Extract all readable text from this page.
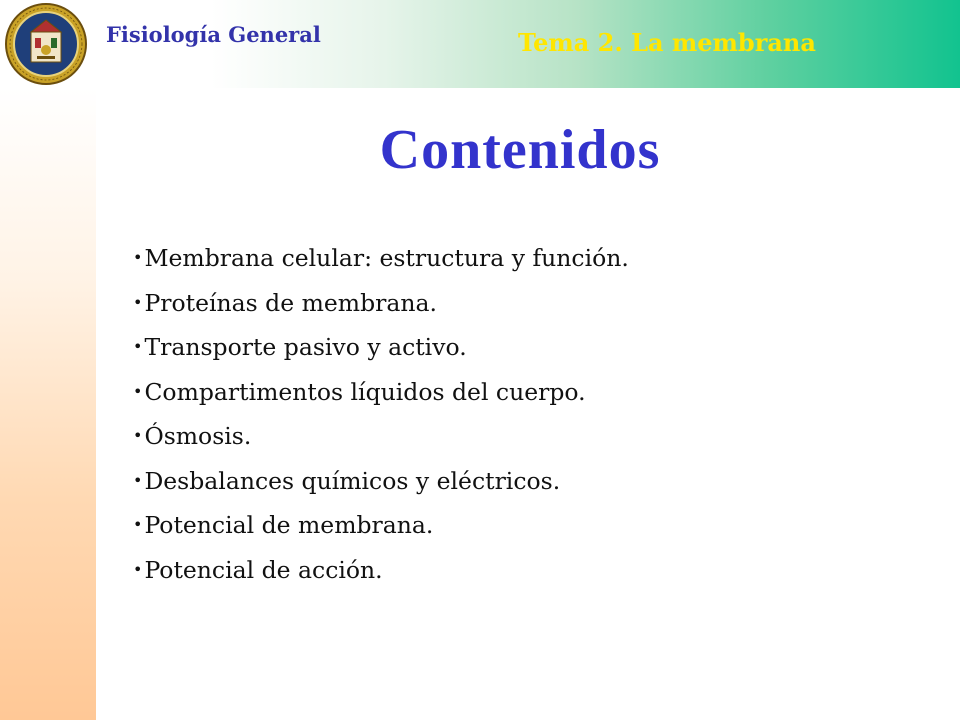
Fisiología General	Tema 2. La membrana
Contenidos
•Membrana celular: estructura y función.
•Proteínas de membrana.
•Transporte pasivo y activo.
•Compartimentos líquidos del cuerpo.
•Ósmosis.
•Desbalances químicos y eléctricos.
•Potencial de membrana.
•Potencial de acción.
